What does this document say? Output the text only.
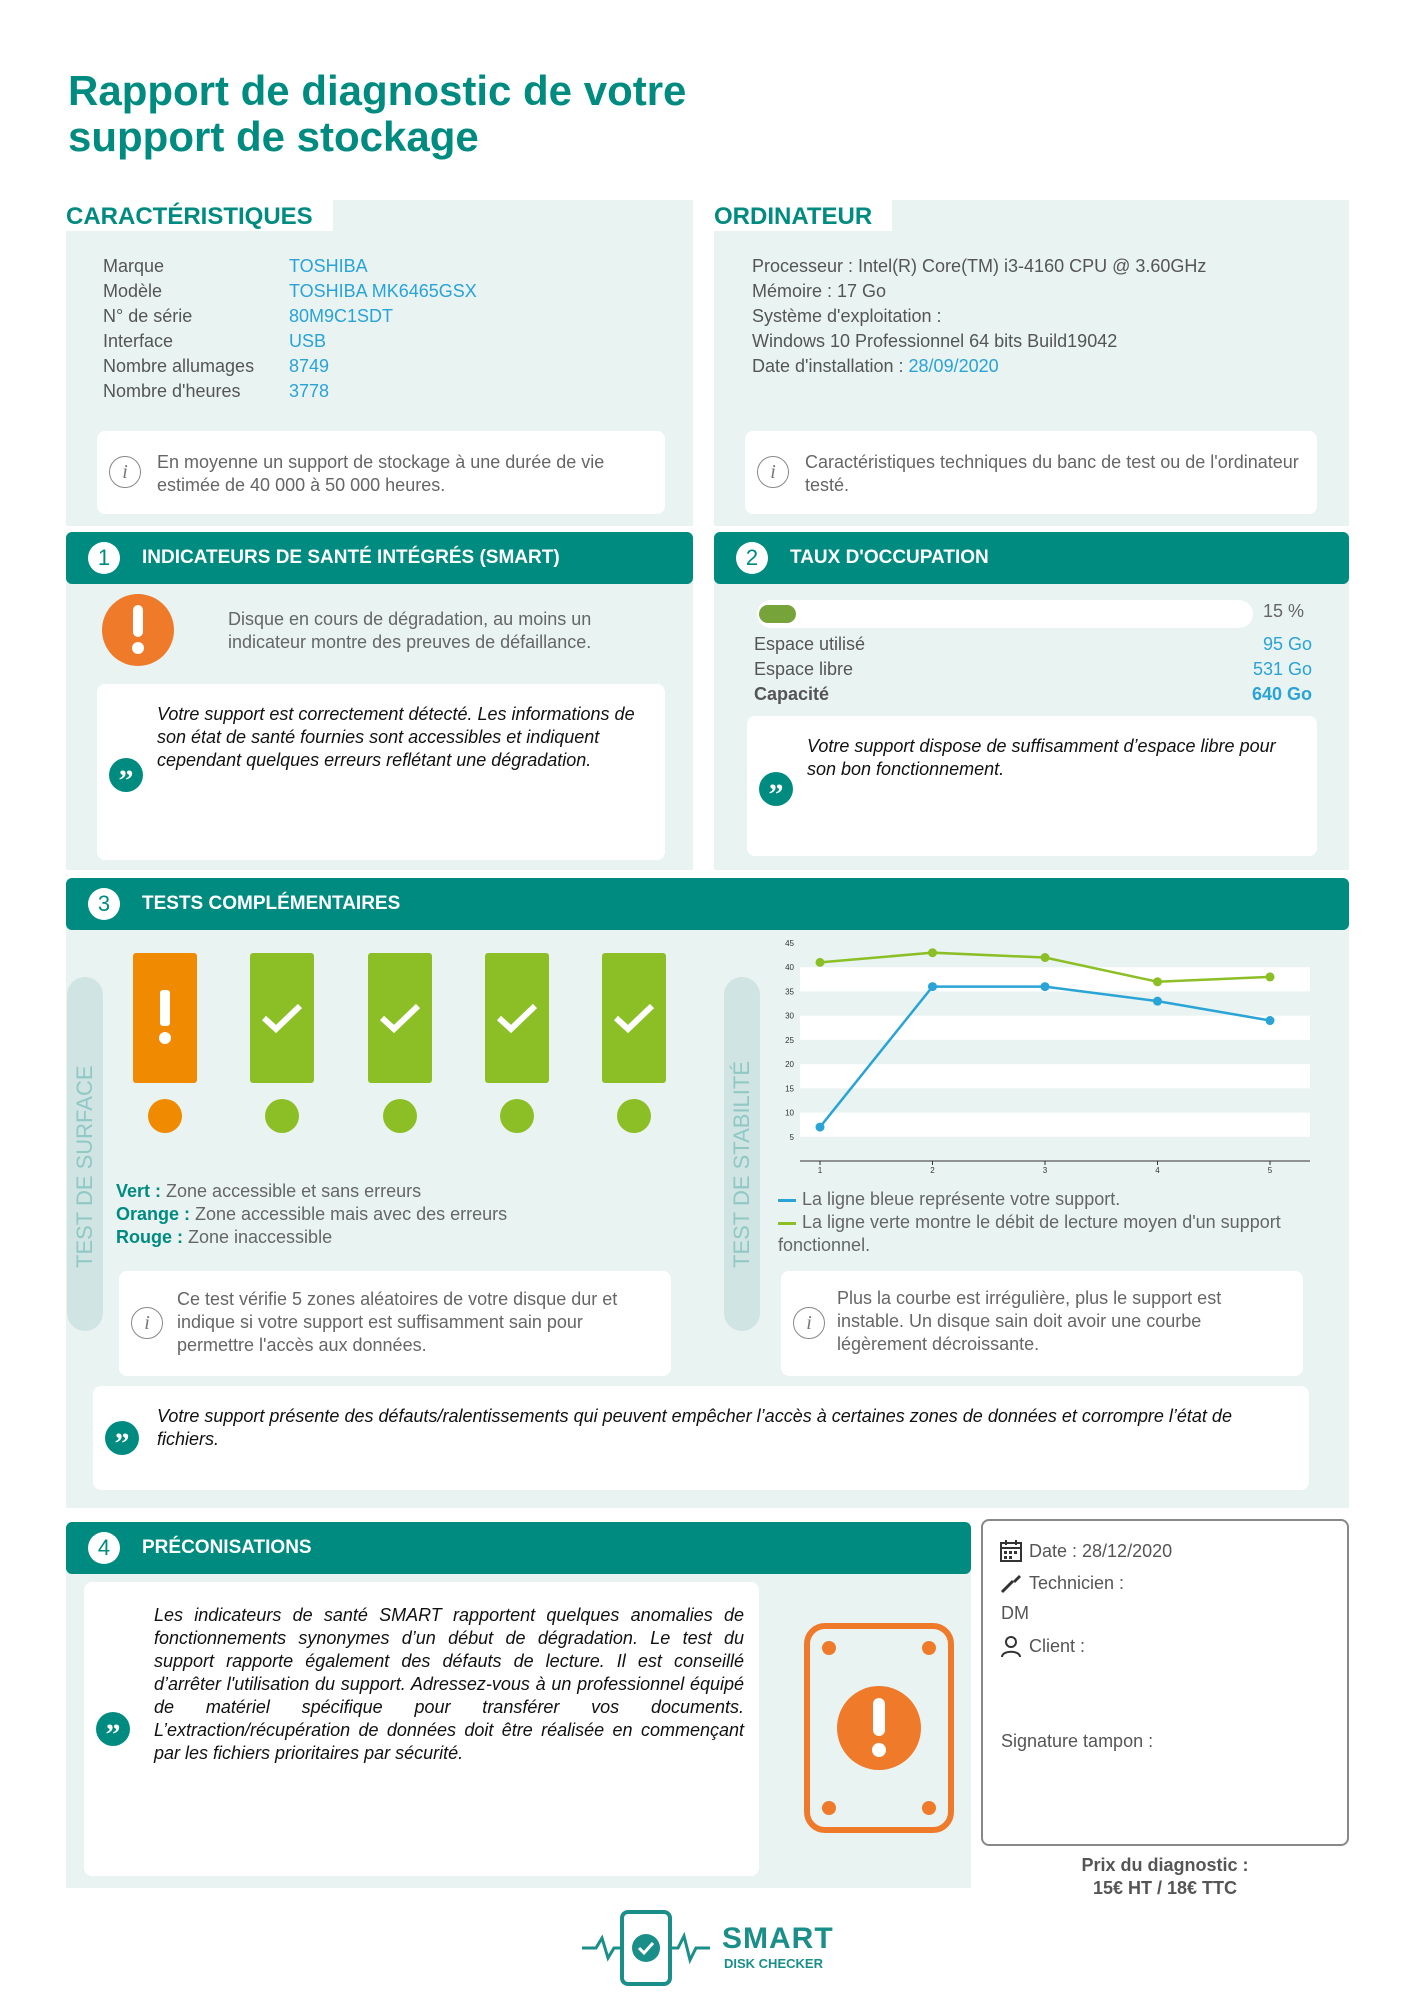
Rapport de diagnostic de votre
support de stockage
CARACTÉRISTIQUES
Marque	TOSHIBA
Modèle	TOSHIBA MK6465GSX
N° de série	80M9C1SDT
Interface	USB
Nombre allumages	8749
Nombre d'heures	3778
i	En moyenne un support de stockage à une durée de vie estimée de 40 000 à 50 000 heures.
ORDINATEUR
Processeur : Intel(R) Core(TM) i3-4160 CPU @ 3.60GHz
Mémoire : 17 Go
Système d'exploitation :
Windows 10 Professionnel 64 bits Build19042
Date d'installation : 28/09/2020
i	Caractéristiques techniques du banc de test ou de l'ordinateur testé.
1	INDICATEURS DE SANTÉ INTÉGRÉS (SMART)
Disque en cours de dégradation, au moins un indicateur montre des preuves de défaillance.
”
Votre support est correctement détecté. Les informations de son état de santé fournies sont accessibles et indiquent cependant quelques erreurs reflétant une dégradation.
2	TAUX D'OCCUPATION
15 %
Espace utilisé	95 Go
Espace libre	531 Go
Capacité	640 Go
”
Votre support dispose de suffisamment d’espace libre pour son bon fonctionnement.
3	TESTS COMPLÉMENTAIRES
TEST DE SURFACE Vert : Zone accessible et sans erreurs
Orange : Zone accessible mais avec des erreurs
Rouge : Zone inaccessible
i
Ce test vérifie 5 zones aléatoires de votre disque dur et indique si votre support est suffisamment sain pour permettre l'accès aux données.
TEST DE STABILITÉ	5
10
15
20
25
30
35
40
45
1	2	3	4	5
La ligne bleue représente votre support.
La ligne verte montre le débit de lecture moyen d'un support fonctionnel.
i
Plus la courbe est irrégulière, plus le support est instable. Un disque sain doit avoir une courbe légèrement décroissante.
”
Votre support présente des défauts/ralentissements qui peuvent empêcher l’accès à certaines zones de données et corrompre l’état de fichiers.
4	PRÉCONISATIONS
”
Les indicateurs de santé SMART rapportent quelques anomalies de fonctionnements synonymes d’un début de dégradation. Le test du support rapporte également des défauts de lecture. Il est conseillé d’arrêter l'utilisation du support. Adressez-vous à un professionnel équipé de matériel spécifique pour transférer vos documents. L’extraction/récupération de données doit être réalisée en commençant par les fichiers prioritaires par sécurité.
Date : 28/12/2020
Technicien :
DM
Client :
Signature tampon :
Prix du diagnostic :
15€ HT / 18€ TTC
SMART
DISK CHECKER
